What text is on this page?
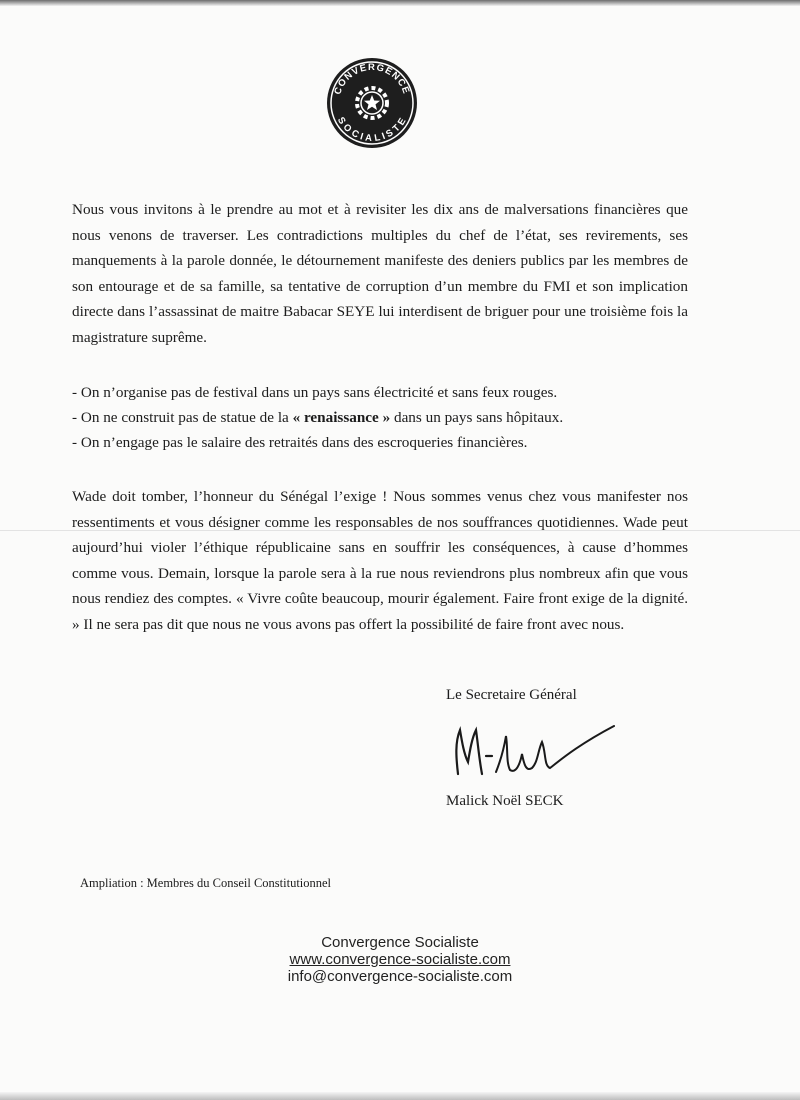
CONVERGENCE
SOCIALISTE

Nous vous invitons à le prendre au mot et à revisiter les dix ans de malversations financières que nous venons de traverser. Les contradictions multiples du chef de l’état, ses revirements, ses manquements à la parole donnée, le détournement manifeste des deniers publics par les membres de son entourage et de sa famille, sa tentative de corruption d’un membre du FMI et son implication directe dans l’assassinat de maitre Babacar SEYE lui interdisent de briguer pour une troisième fois la magistrature suprême.

- On n’organise pas de festival dans un pays sans électricité et sans feux rouges.
- On ne construit pas de statue de la « renaissance » dans un pays sans hôpitaux.
- On n’engage pas le salaire des retraités dans des escroqueries financières.

Wade doit tomber, l’honneur du Sénégal l’exige ! Nous sommes venus chez vous manifester nos ressentiments et vous désigner comme les responsables de nos souffrances quotidiennes. Wade peut aujourd’hui violer l’éthique républicaine sans en souffrir les conséquences, à cause d’hommes comme vous. Demain, lorsque la parole sera à la rue nous reviendrons plus nombreux afin que vous nous rendiez des comptes. « Vivre coûte beaucoup, mourir également. Faire front exige de la dignité. » Il ne sera pas dit que nous ne vous avons pas offert la possibilité de faire front avec nous.

Le Secretaire Général
Malick Noël SECK
Ampliation : Membres du Conseil Constitutionnel
Convergence Socialiste
www.convergence-socialiste.com
info@convergence-socialiste.com
